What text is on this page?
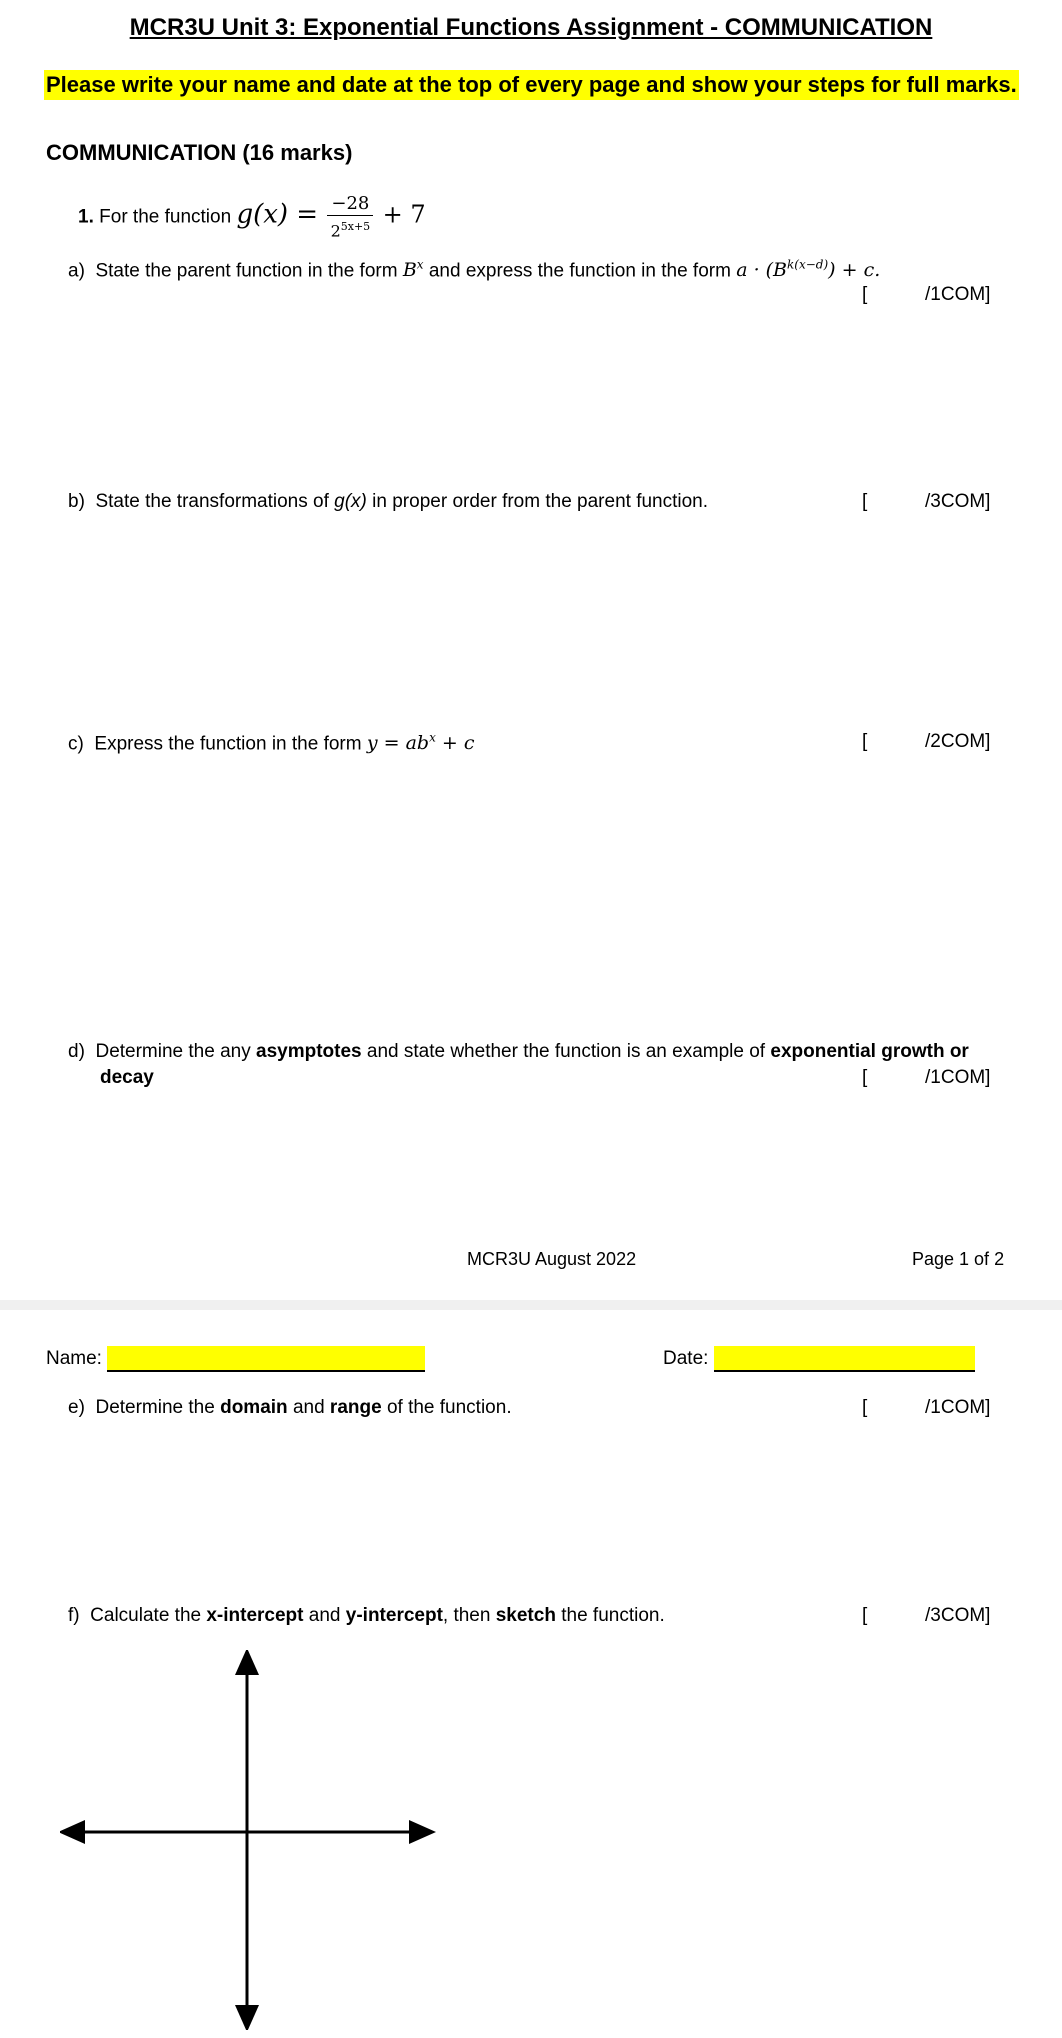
MCR3U Unit 3: Exponential Functions Assignment - COMMUNICATION
Please write your name and date at the top of every page and show your steps for full marks.
COMMUNICATION (16 marks)
1. For the function $g(x) = \frac{-28}{2^{5x+5}} + 7$
a) State the parent function in the form $B^x$ and express the function in the form $a \cdot (B^{k(x-d)}) + c$.
[	/1COM]
b) State the transformations of g(x) in proper order from the parent function.	[	/3COM]
c) Express the function in the form $y = ab^x + c$	[	/2COM]
d) Determine the any asymptotes and state whether the function is an example of exponential growth or
decay	[	/1COM]
MCR3U August 2022	Page 1 of 2
Name:	Date:
e) Determine the domain and range of the function.	[	/1COM]
f) Calculate the x-intercept and y-intercept, then sketch the function.	[	/3COM]
